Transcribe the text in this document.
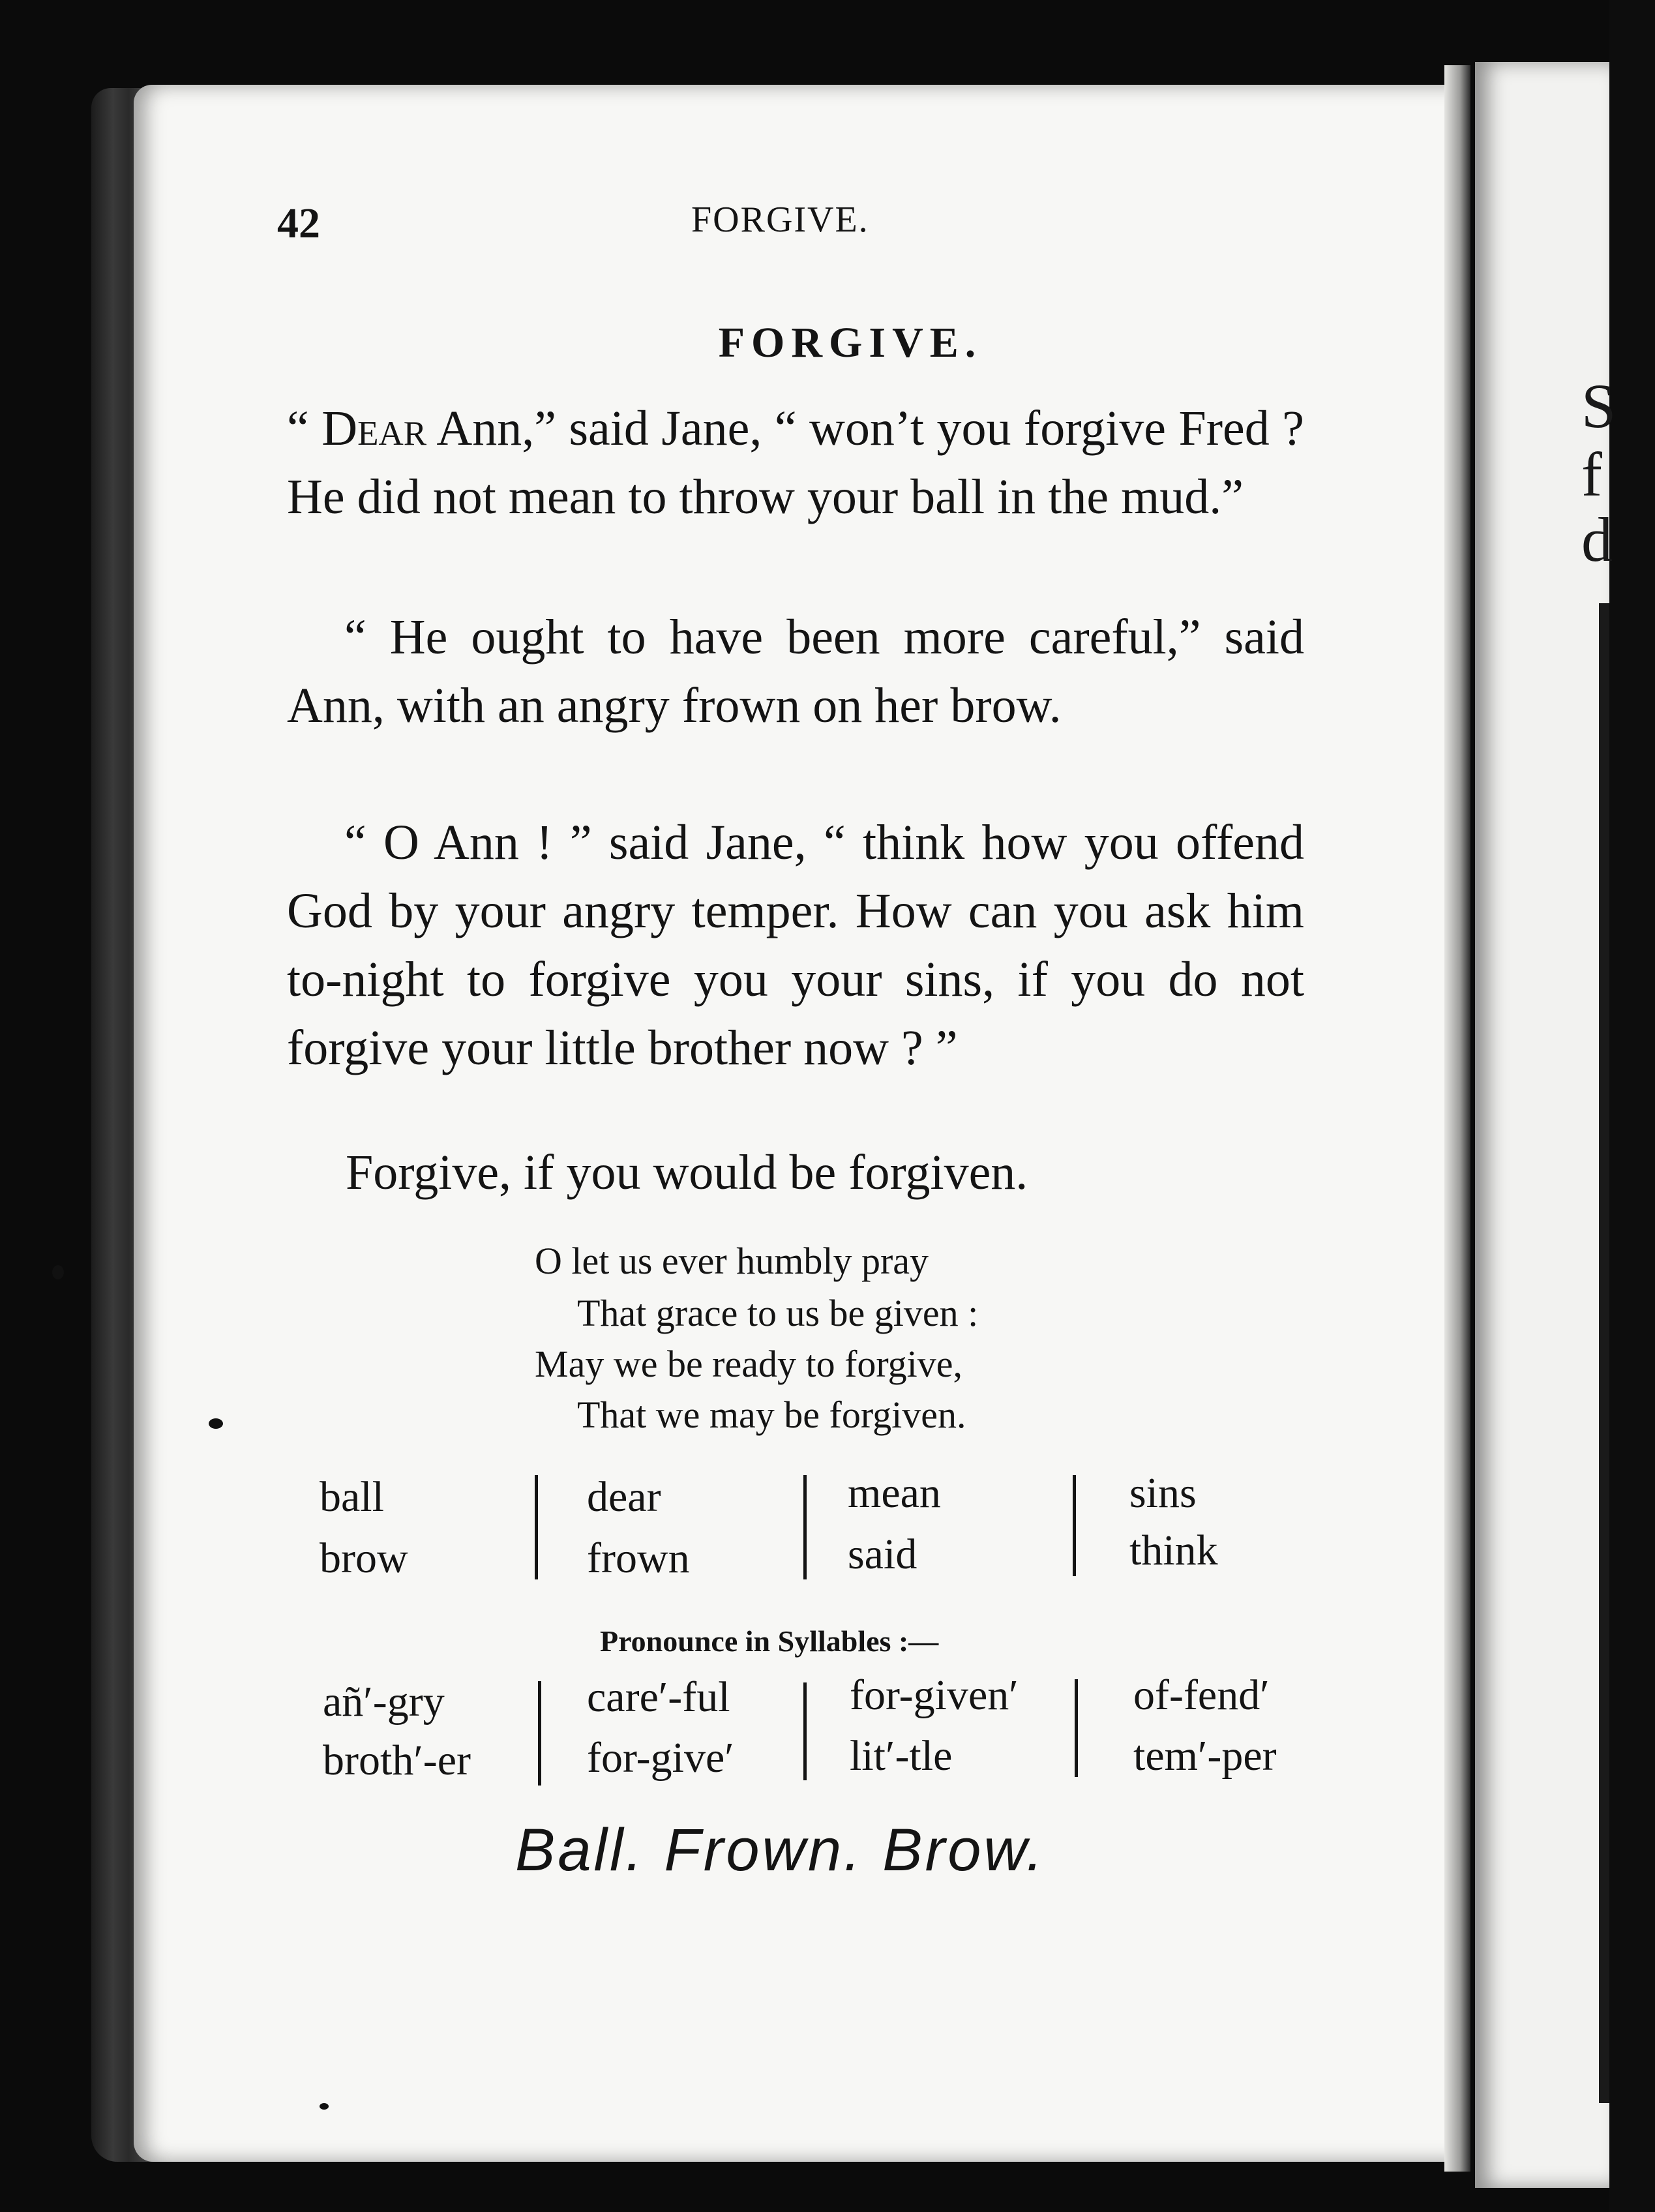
S
f
d
42	FORGIVE.
FORGIVE.

“ Dear Ann,” said Jane, “ won’t you forgive Fred ? He did not mean to throw your ball in the mud.”

“ He ought to have been more careful,” said Ann, with an angry frown on her brow.

“ O Ann ! ” said Jane, “ think how you offend God by your angry temper. How can you ask him to-night to forgive you your sins, if you do not forgive your little brother now ? ”

Forgive, if you would be forgiven.

O let us ever humbly pray

That grace to us be given :

May we be ready to forgive,

That we may be forgiven.

ball
brow
dear
frown
mean
said
sins
think
Pronounce in Syllables :—
añ′-gry
broth′-er
care′-ful
for-give′
for-given′
lit′-tle
of-fend′
tem′-per
Ball. Frown. Brow.
